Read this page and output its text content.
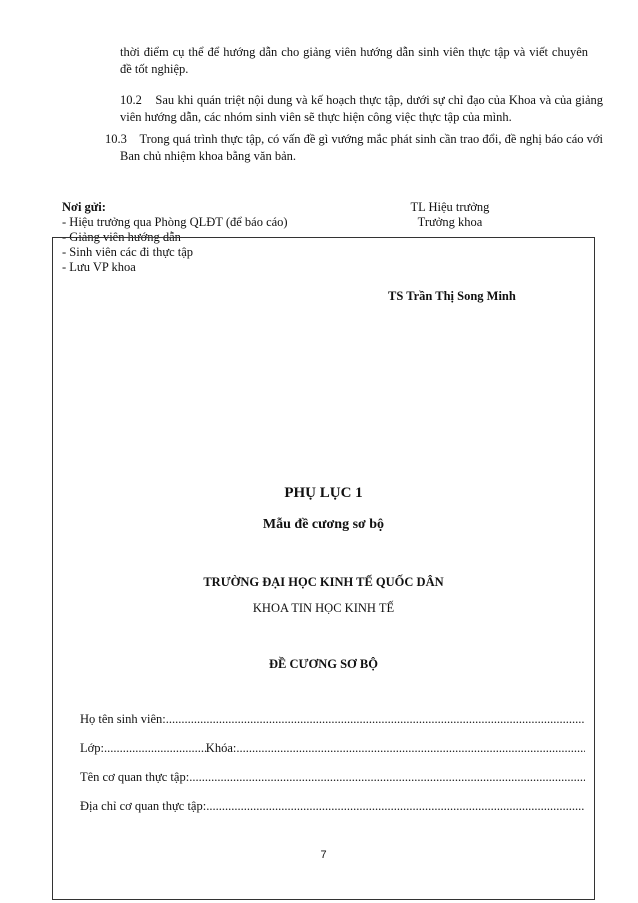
thời điểm cụ thể để hướng dẫn cho giảng viên hướng dẫn sinh viên thực tập và viết chuyên đề tốt nghiệp.
10.2 Sau khi quán triệt nội dung và kế hoạch thực tập, dưới sự chỉ đạo của Khoa và của giảng viên hướng dẫn, các nhóm sinh viên sẽ thực hiện công việc thực tập của mình.
10.3 Trong quá trình thực tập, có vấn đề gì vướng mắc phát sinh cần trao đổi, đề nghị báo cáo với Ban chủ nhiệm khoa bằng văn bản.
Nơi gửi:
- Hiệu trưởng qua Phòng QLĐT (để báo cáo)
- Giảng viên hướng dẫn
- Sinh viên các đi thực tập
- Lưu VP khoa
TL Hiệu trưởng
Trưởng khoa
TS Trần Thị Song Minh
PHỤ LỤC 1
Mẫu đề cương sơ bộ
TRƯỜNG ĐẠI HỌC KINH TẾ QUỐC DÂN
KHOA TIN HỌC KINH TẾ
ĐỀ CƯƠNG SƠ BỘ
Họ tên sinh viên:
.....
Lớp:
.....	Khóa:
.....
Tên cơ quan thực tập:
.....
Địa chỉ cơ quan thực tập:
.....
7
